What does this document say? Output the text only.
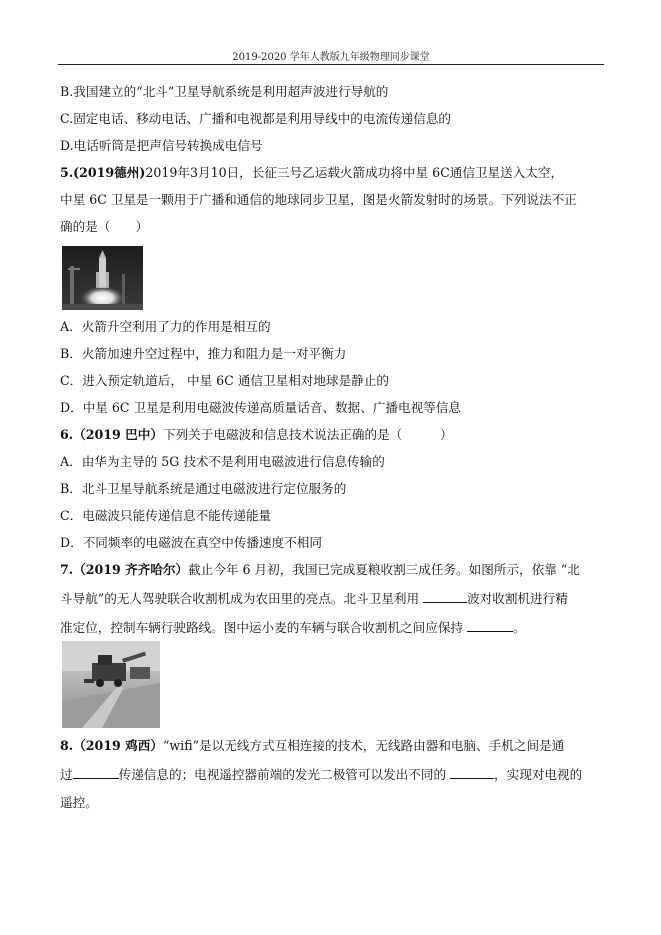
2019-2020 学年人教版九年级物理同步课堂
B.我国建立的“北斗”卫星导航系统是利用超声波进行导航的
C.固定电话、移动电话、广播和电视都是利用导线中的电流传递信息的
D.电话听筒是把声信号转换成电信号
5.(2019德州)2019年3月10日，长征三号乙运载火箭成功将中星 6C通信卫星送入太空，
中星 6C 卫星是一颗用于广播和通信的地球同步卫星，图是火箭发射时的场景。下列说法不正
确的是（　　）
A．火箭升空利用了力的作用是相互的
B．火箭加速升空过程中，推力和阻力是一对平衡力
C．进入预定轨道后， 中星 6C 通信卫星相对地球是静止的
D．中星 6C 卫星是利用电磁波传递高质量话音、数据、广播电视等信息
6.（2019 巴中）下列关于电磁波和信息技术说法正确的是（　　　）
A．由华为主导的 5G 技术不是利用电磁波进行信息传输的
B．北斗卫星导航系统是通过电磁波进行定位服务的
C．电磁波只能传递信息不能传递能量
D．不同频率的电磁波在真空中传播速度不相同
7.（2019 齐齐哈尔）截止今年 6 月初，我国已完成夏粮收割三成任务。如图所示，依靠 “北
斗导航”的无人驾驶联合收割机成为农田里的亮点。北斗卫星利用	波对收割机进行精
准定位，控制车辆行驶路线。图中运小麦的车辆与联合收割机之间应保持	。
8.（2019 鸡西）“wifi”是以无线方式互相连接的技术，无线路由器和电脑、手机之间是通
过	传递信息的；电视遥控器前端的发光二极管可以发出不同的	，实现对电视的
遥控。
